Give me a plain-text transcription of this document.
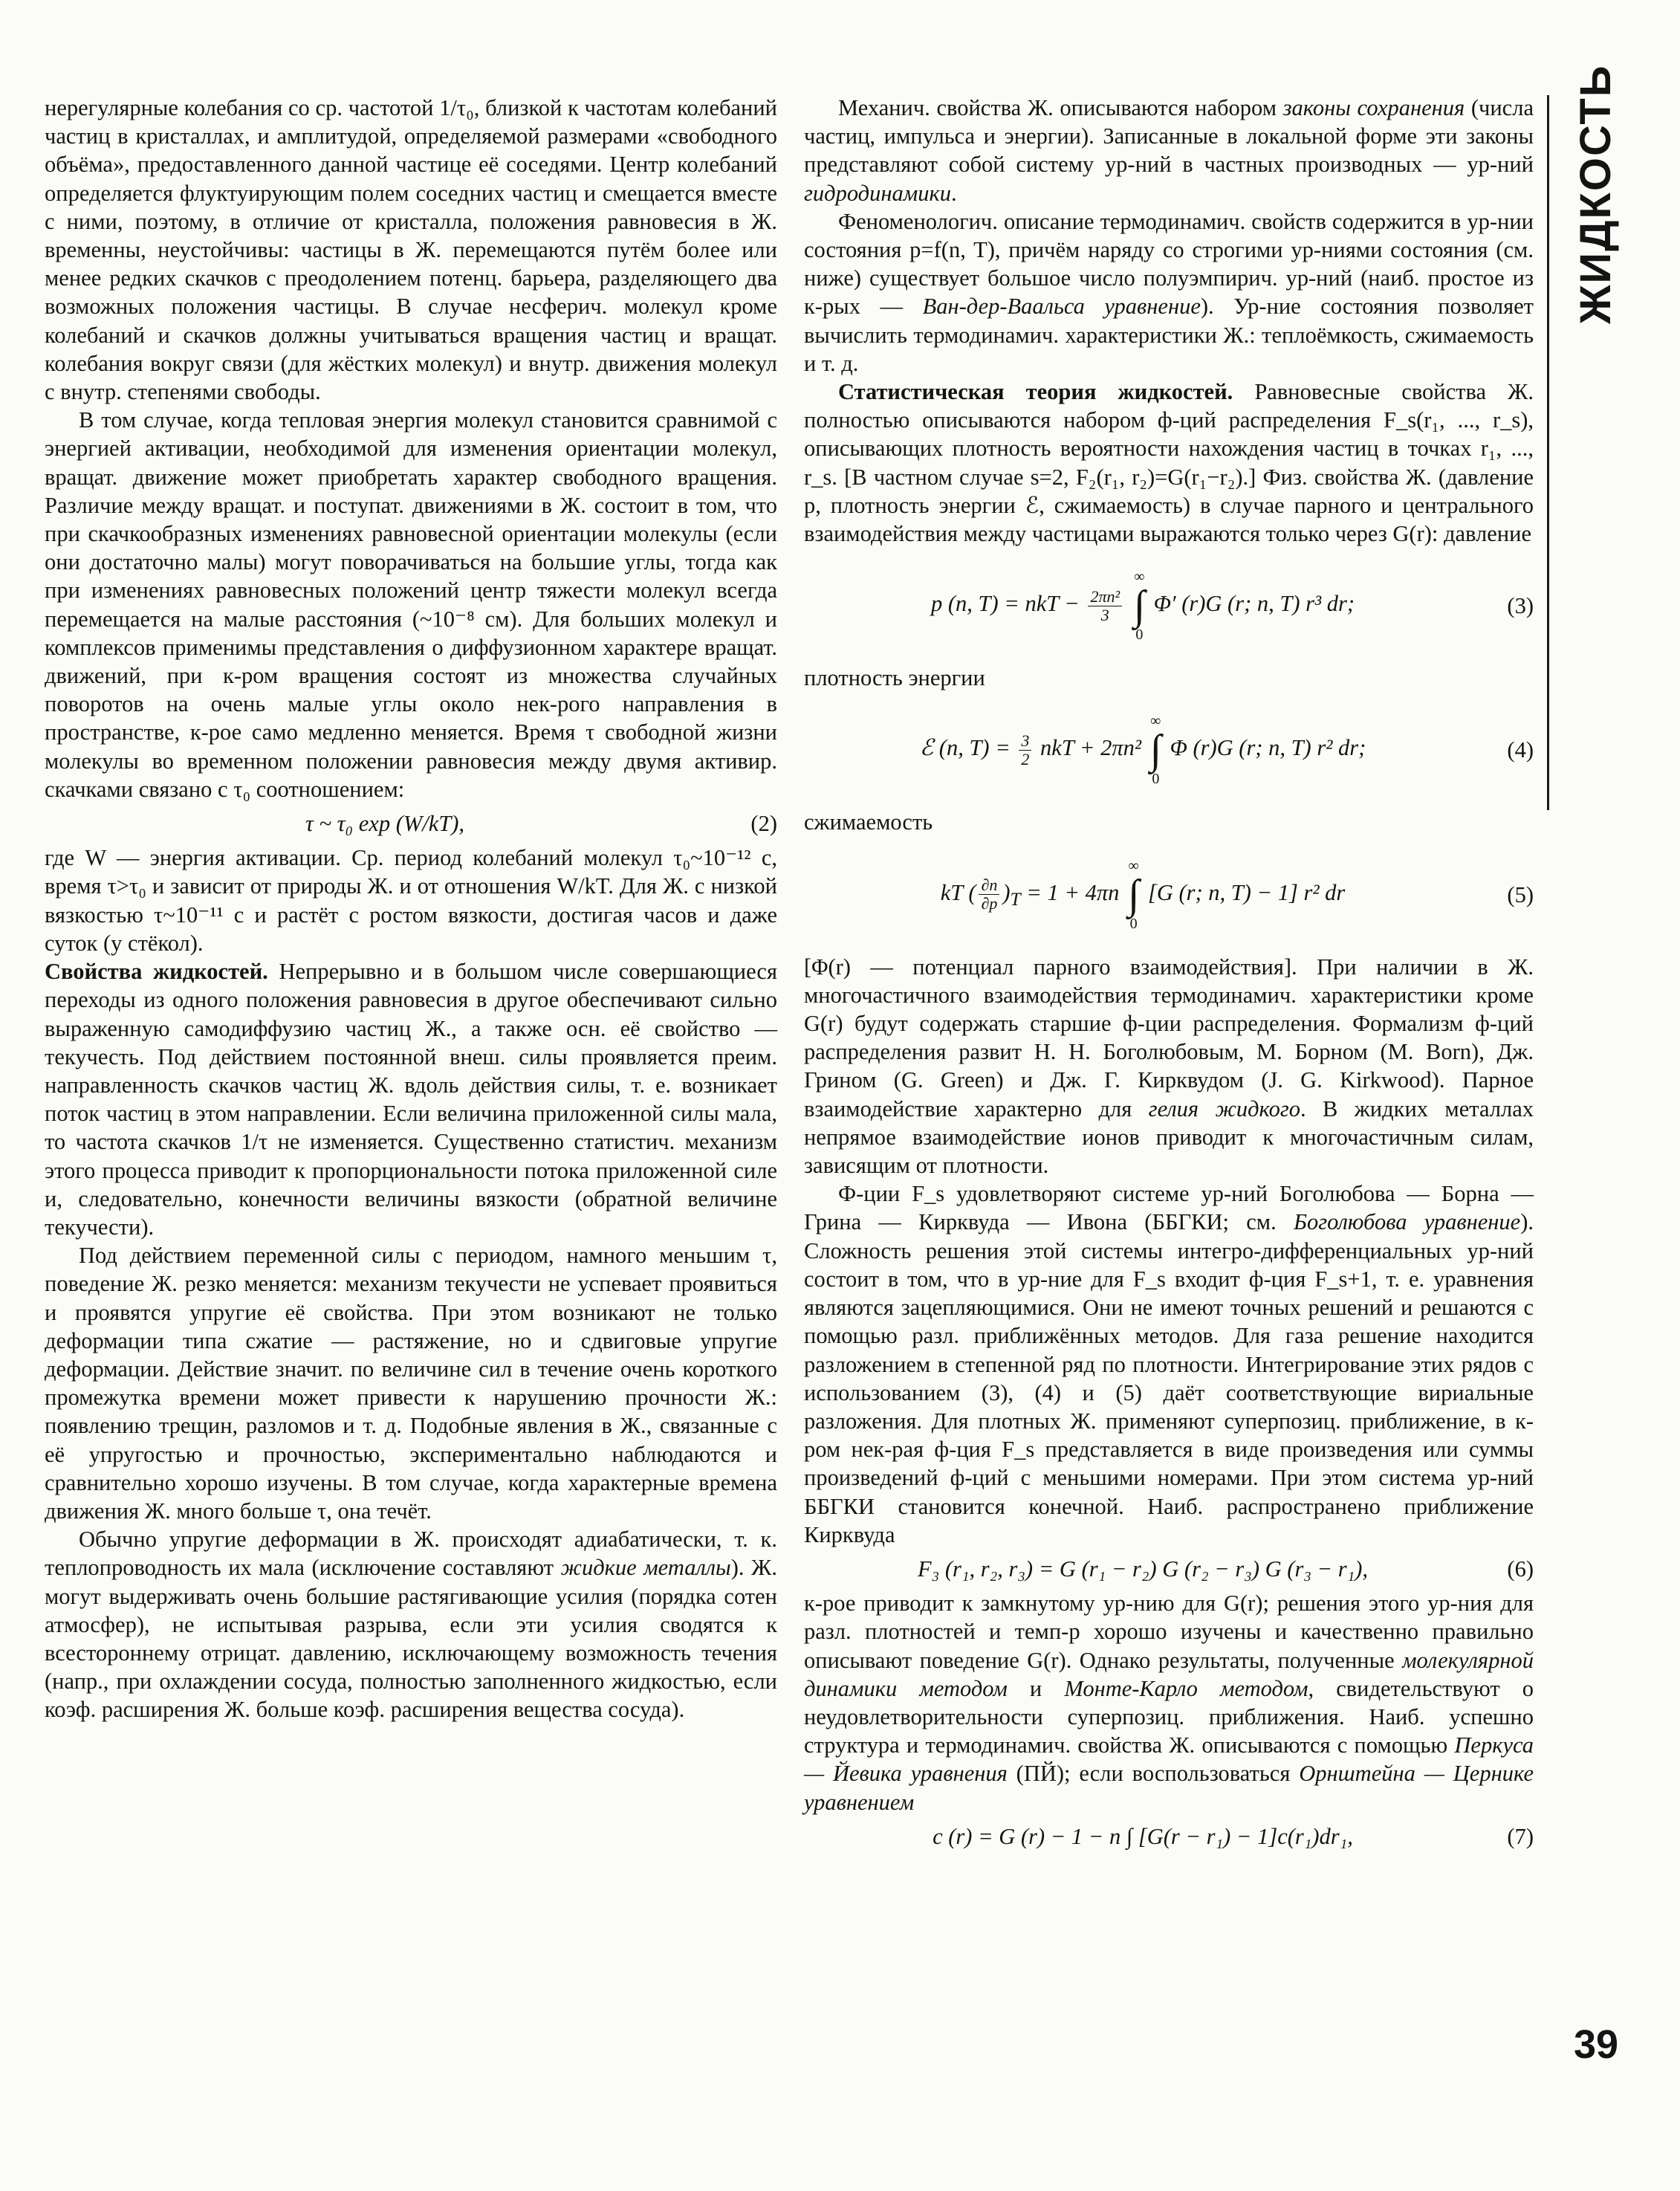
ЖИДКОСТЬ

нерегулярные колебания со ср. частотой 1/τ₀, близкой к частотам колебаний частиц в кристаллах, и амплитудой, определяемой размерами «свободного объёма», предоставленного данной частице её соседями. Центр колебаний определяется флуктуирующим полем соседних частиц и смещается вместе с ними, поэтому, в отличие от кристалла, положения равновесия в Ж. временны, неустойчивы: частицы в Ж. перемещаются путём более или менее редких скачков с преодолением потенц. барьера, разделяющего два возможных положения частицы. В случае несферич. молекул кроме колебаний и скачков должны учитываться вращения частиц и вращат. колебания вокруг связи (для жёстких молекул) и внутр. движения молекул с внутр. степенями свободы.

В том случае, когда тепловая энергия молекул становится сравнимой с энергией активации, необходимой для изменения ориентации молекул, вращат. движение может приобретать характер свободного вращения. Различие между вращат. и поступат. движениями в Ж. состоит в том, что при скачкообразных изменениях равновесной ориентации молекулы (если они достаточно малы) могут поворачиваться на большие углы, тогда как при изменениях равновесных положений центр тяжести молекул всегда перемещается на малые расстояния (~10⁻⁸ см). Для больших молекул и комплексов применимы представления о диффузионном характере вращат. движений, при к-ром вращения состоят из множества случайных поворотов на очень малые углы около нек-рого направления в пространстве, к-рое само медленно меняется. Время τ свободной жизни молекулы во временном положении равновесия между двумя активир. скачками связано с τ₀ соотношением:

τ ~ τ₀ exp (W/kT),	(2)

где W — энергия активации. Ср. период колебаний молекул τ₀~10⁻¹² с, время τ>τ₀ и зависит от природы Ж. и от отношения W/kT. Для Ж. с низкой вязкостью τ~10⁻¹¹ с и растёт с ростом вязкости, достигая часов и даже суток (у стёкол).

Свойства жидкостей. Непрерывно и в большом числе совершающиеся переходы из одного положения равновесия в другое обеспечивают сильно выраженную самодиффузию частиц Ж., а также осн. её свойство — текучесть. Под действием постоянной внеш. силы проявляется преим. направленность скачков частиц Ж. вдоль действия силы, т. е. возникает поток частиц в этом направлении. Если величина приложенной силы мала, то частота скачков 1/τ не изменяется. Существенно статистич. механизм этого процесса приводит к пропорциональности потока приложенной силе и, следовательно, конечности величины вязкости (обратной величине текучести).

Под действием переменной силы с периодом, намного меньшим τ, поведение Ж. резко меняется: механизм текучести не успевает проявиться и проявятся упругие её свойства. При этом возникают не только деформации типа сжатие — растяжение, но и сдвиговые упругие деформации. Действие значит. по величине сил в течение очень короткого промежутка времени может привести к нарушению прочности Ж.: появлению трещин, разломов и т. д. Подобные явления в Ж., связанные с её упругостью и прочностью, экспериментально наблюдаются и сравнительно хорошо изучены. В том случае, когда характерные времена движения Ж. много больше τ, она течёт.

Обычно упругие деформации в Ж. происходят адиабатически, т. к. теплопроводность их мала (исключение составляют жидкие металлы). Ж. могут выдерживать очень большие растягивающие усилия (порядка сотен атмосфер), не испытывая разрыва, если эти усилия сводятся к всестороннему отрицат. давлению, исключающему возможность течения (напр., при охлаждении сосуда, полностью заполненного жидкостью, если коэф. расширения Ж. больше коэф. расширения вещества сосуда).

Механич. свойства Ж. описываются набором законы сохранения (числа частиц, импульса и энергии). Записанные в локальной форме эти законы представляют собой систему ур-ний в частных производных — ур-ний гидродинамики.

Феноменологич. описание термодинамич. свойств содержится в ур-нии состояния p=f(n, T), причём наряду со строгими ур-ниями состояния (см. ниже) существует большое число полуэмпирич. ур-ний (наиб. простое из к-рых — Ван-дер-Ваальса уравнение). Ур-ние состояния позволяет вычислить термодинамич. характеристики Ж.: теплоёмкость, сжимаемость и т. д.

Статистическая теория жидкостей. Равновесные свойства Ж. полностью описываются набором ф-ций распределения F_s(r₁, ..., r_s), описывающих плотность вероятности нахождения частиц в точках r₁, ..., r_s. [В частном случае s=2, F₂(r₁, r₂)=G(r₁−r₂).] Физ. свойства Ж. (давление p, плотность энергии ℰ, сжимаемость) в случае парного и центрального взаимодействия между частицами выражаются только через G(r): давление

p (n, T) = nkT − $\frac{\text{2πn²}}{3}$

∞
∫
0
Φ′ (r)G (r; n, T) r³ dr;	(3)

плотность энергии

ℰ (n, $T) = \frac{3}{2}$ nkT + 2πn²
∞
∫
0
Φ (r)G (r; n, T) r² dr;	(4)

сжимаемость

kT ( $\frac{\partial n}{\partial p} )_T = 1 + 4\pi n$
∞
∫
0
[G (r; n, T) − 1] r² dr	(5)

[Φ(r) — потенциал парного взаимодействия]. При наличии в Ж. многочастичного взаимодействия термодинамич. характеристики кроме G(r) будут содержать старшие ф-ции распределения. Формализм ф-ций распределения развит Н. Н. Боголюбовым, М. Борном (M. Born), Дж. Грином (G. Green) и Дж. Г. Кирквудом (J. G. Kirkwood). Парное взаимодействие характерно для гелия жидкого. В жидких металлах непрямое взаимодействие ионов приводит к многочастичным силам, зависящим от плотности.

Ф-ции F_s удовлетворяют системе ур-ний Боголюбова — Борна — Грина — Кирквуда — Ивона (ББГКИ; см. Боголюбова уравнение). Сложность решения этой системы интегро-дифференциальных ур-ний состоит в том, что в ур-ние для F_s входит ф-ция F_s+1, т. е. уравнения являются зацепляющимися. Они не имеют точных решений и решаются с помощью разл. приближённых методов. Для газа решение находится разложением в степенной ряд по плотности. Интегрирование этих рядов с использованием (3), (4) и (5) даёт соответствующие вириальные разложения. Для плотных Ж. применяют суперпозиц. приближение, в к-ром нек-рая ф-ция F_s представляется в виде произведения или суммы произведений ф-ций с меньшими номерами. При этом система ур-ний ББГКИ становится конечной. Наиб. распространено приближение Кирквуда

F₃ (r₁, r₂, r₃) = G (r₁ − r₂) G (r₂ − r₃) G (r₃ − r₁),	(6)

к-рое приводит к замкнутому ур-нию для G(r); решения этого ур-ния для разл. плотностей и темп-р хорошо изучены и качественно правильно описывают поведение G(r). Однако результаты, полученные молекулярной динамики методом и Монте-Карло методом, свидетельствуют о неудовлетворительности суперпозиц. приближения. Наиб. успешно структура и термодинамич. свойства Ж. описываются с помощью Перкуса — Йевика уравнения (ПЙ); если воспользоваться Орнштейна — Цернике уравнением

c (r) = G (r) − 1 − n ∫ [G(r − r₁) − 1]c(r₁)dr₁,	(7)
39
